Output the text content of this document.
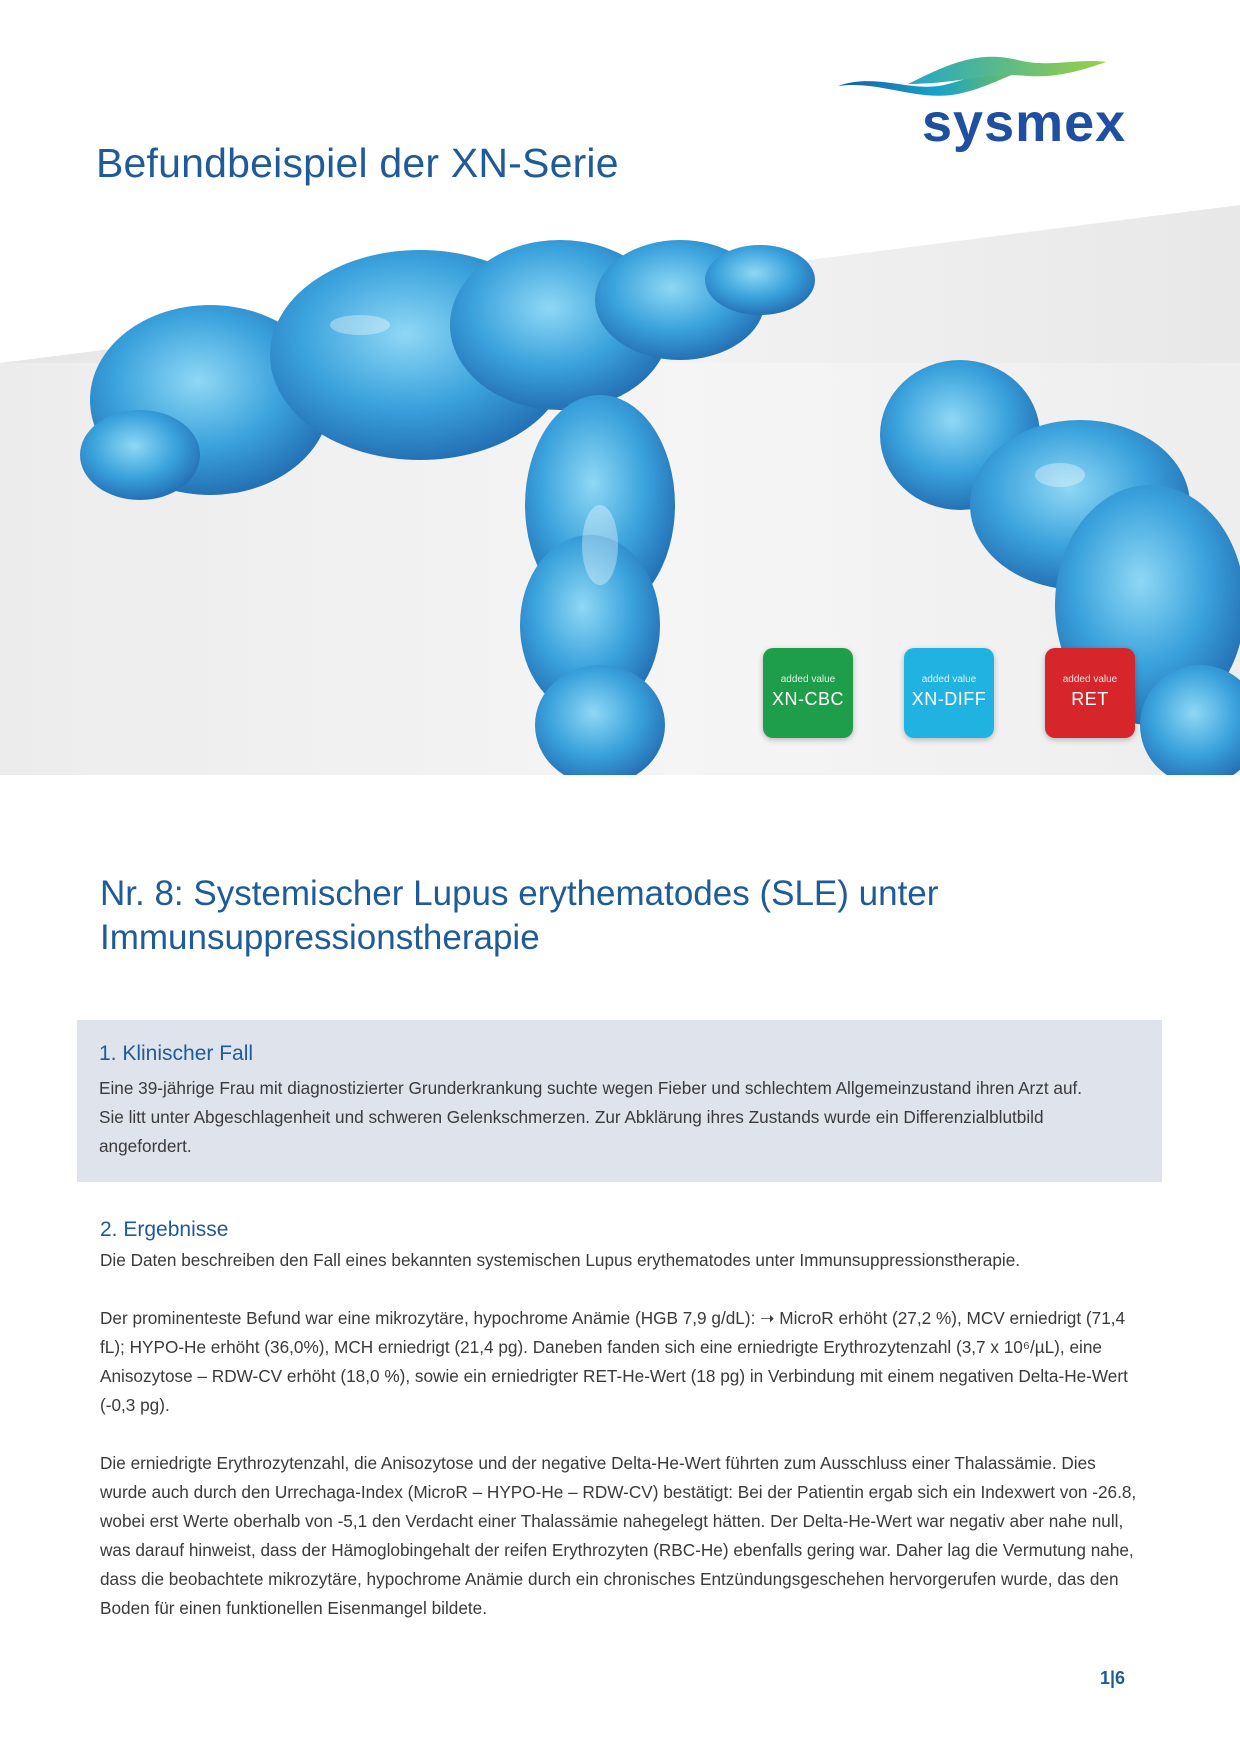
Befundbeispiel der XN-Serie
sysmex
added value
XN-CBC
added value
XN-DIFF
added value
RET
Nr. 8: Systemischer Lupus erythematodes (SLE) unter Immunsuppressionstherapie
1. Klinischer Fall

Eine 39-jährige Frau mit diagnostizierter Grunderkrankung suchte wegen Fieber und schlechtem Allgemeinzustand ihren Arzt auf. Sie litt unter Abgeschlagenheit und schweren Gelenkschmerzen. Zur Abklärung ihres Zustands wurde ein Differenzialblutbild angefordert.

2. Ergebnisse

Die Daten beschreiben den Fall eines bekannten systemischen Lupus erythematodes unter Immunsuppressionstherapie.

Der prominenteste Befund war eine mikrozytäre, hypochrome Anämie (HGB 7,9 g/dL): ➝ MicroR erhöht (27,2 %), MCV erniedrigt (71,4 fL); HYPO-He erhöht (36,0%), MCH erniedrigt (21,4 pg). Daneben fanden sich eine erniedrigte Erythrozytenzahl (3,7 x 10⁶/µL), eine Anisozytose – RDW-CV erhöht (18,0 %), sowie ein erniedrigter RET-He-Wert (18 pg) in Verbindung mit einem negativen Delta-He-Wert (-0,3 pg).

Die erniedrigte Erythrozytenzahl, die Anisozytose und der negative Delta-He-Wert führten zum Ausschluss einer Thalassämie. Dies wurde auch durch den Urrechaga-Index (MicroR – HYPO-He – RDW-CV) bestätigt: Bei der Patientin ergab sich ein Indexwert von -26.8, wobei erst Werte oberhalb von -5,1 den Verdacht einer Thalassämie nahegelegt hätten. Der Delta-He-Wert war negativ aber nahe null, was darauf hinweist, dass der Hämoglobingehalt der reifen Erythrozyten (RBC-He) ebenfalls gering war. Daher lag die Vermutung nahe, dass die beobachtete mikrozytäre, hypochrome Anämie durch ein chronisches Entzündungsgeschehen hervorgerufen wurde, das den Boden für einen funktionellen Eisenmangel bildete.

1|6
